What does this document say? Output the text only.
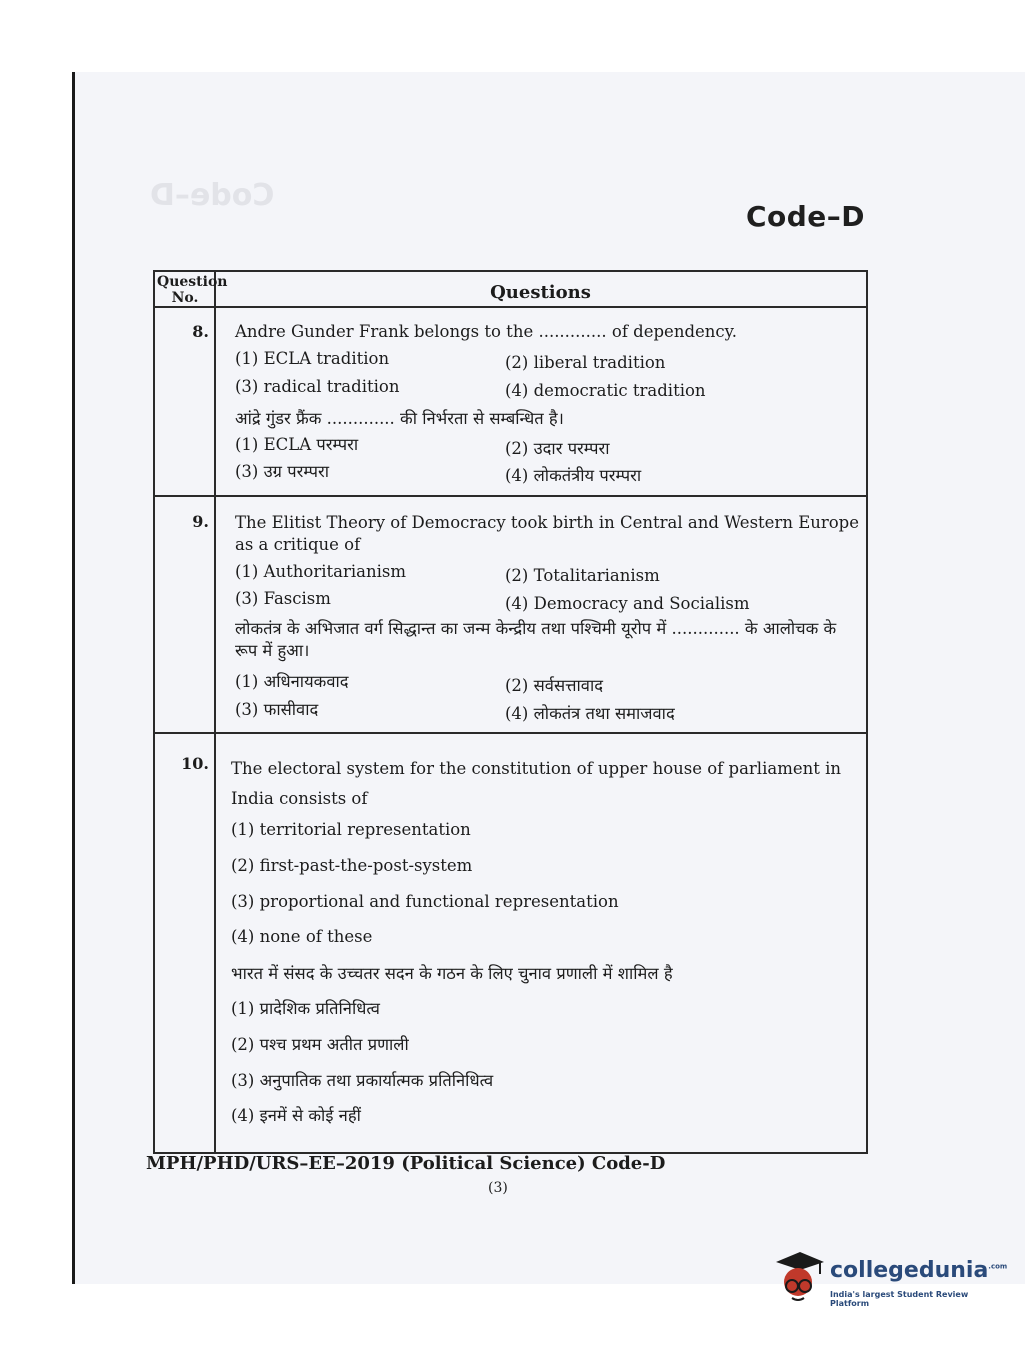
Code–D
Code–D
Question No.	Questions
8. Andre Gunder Frank belongs to the ............. of dependency.
(1) ECLA tradition	(2) liberal tradition
(3) radical tradition	(4) democratic tradition
आंद्रे गुंडर फ्रैंक ............. की निर्भरता से सम्बन्धित है।
(1) ECLA परम्परा	(2) उदार परम्परा
(3) उग्र परम्परा	(4) लोकतंत्रीय परम्परा
9. The Elitist Theory of Democracy took birth in Central and Western Europe as a critique of
(1) Authoritarianism	(2) Totalitarianism
(3) Fascism	(4) Democracy and Socialism
लोकतंत्र के अभिजात वर्ग सिद्धान्त का जन्म केन्द्रीय तथा पश्चिमी यूरोप में ............. के आलोचक के रूप में हुआ।
(1) अधिनायकवाद	(2) सर्वसत्तावाद
(3) फासीवाद	(4) लोकतंत्र तथा समाजवाद
10. The electoral system for the constitution of upper house of parliament in India consists of
(1) territorial representation
(2) first-past-the-post-system
(3) proportional and functional representation
(4) none of these
भारत में संसद के उच्चतर सदन के गठन के लिए चुनाव प्रणाली में शामिल है
(1) प्रादेशिक प्रतिनिधित्व
(2) पश्च प्रथम अतीत प्रणाली
(3) अनुपातिक तथा प्रकार्यात्मक प्रतिनिधित्व
(4) इनमें से कोई नहीं
MPH/PHD/URS–EE–2019 (Political Science) Code-D
(3)
collegedunia$^{.com}$
India's largest Student Review Platform
